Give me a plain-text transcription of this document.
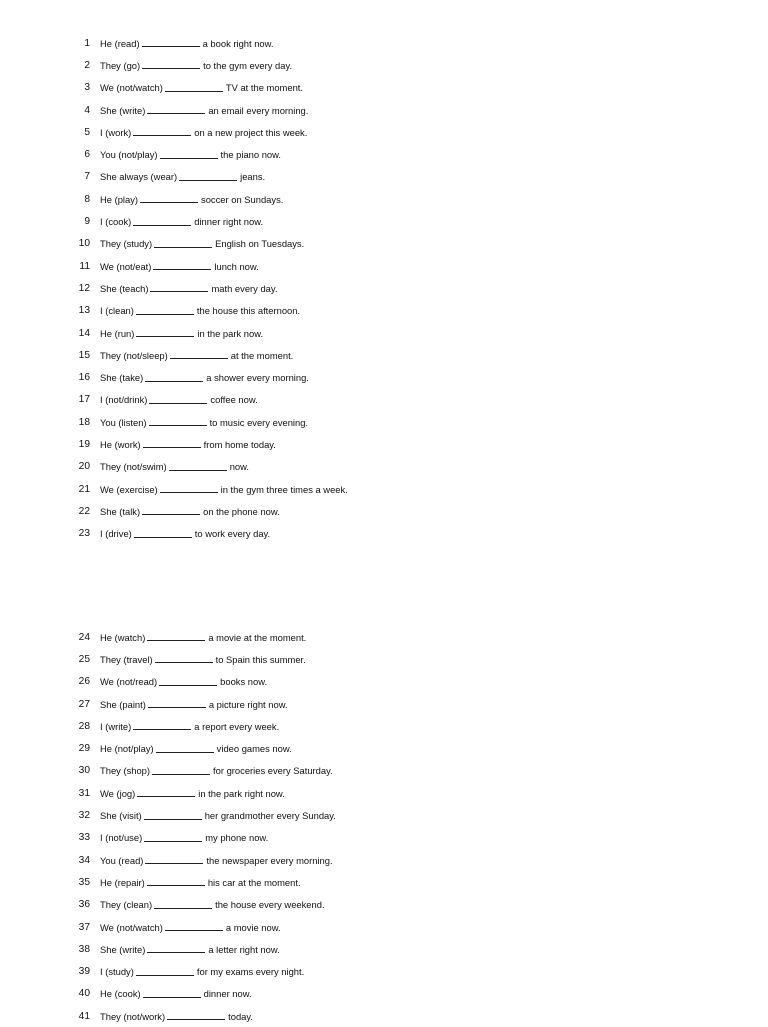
1 He (read)	a book right now.
2 They (go)	to the gym every day.
3 We (not/watch)	TV at the moment.
4 She (write)	an email every morning.
5 I (work)	on a new project this week.
6 You (not/play)	the piano now.
7 She always (wear)	jeans.
8 He (play)	soccer on Sundays.
9 I (cook)	dinner right now.
10 They (study)	English on Tuesdays.
11 We (not/eat)	lunch now.
12 She (teach)	math every day.
13 I (clean)	the house this afternoon.
14 He (run)	in the park now.
15 They (not/sleep)	at the moment.
16 She (take)	a shower every morning.
17 I (not/drink)	coffee now.
18 You (listen)	to music every evening.
19 He (work)	from home today.
20 They (not/swim)	now.
21 We (exercise)	in the gym three times a week.
22 She (talk)	on the phone now.
23 I (drive)	to work every day.
24 He (watch)	a movie at the moment.
25 They (travel)	to Spain this summer.
26 We (not/read)	books now.
27 She (paint)	a picture right now.
28 I (write)	a report every week.
29 He (not/play)	video games now.
30 They (shop)	for groceries every Saturday.
31 We (jog)	in the park right now.
32 She (visit)	her grandmother every Sunday.
33 I (not/use)	my phone now.
34 You (read)	the newspaper every morning.
35 He (repair)	his car at the moment.
36 They (clean)	the house every weekend.
37 We (not/watch)	a movie now.
38 She (write)	a letter right now.
39 I (study)	for my exams every night.
40 He (cook)	dinner now.
41 They (not/work)	today.
